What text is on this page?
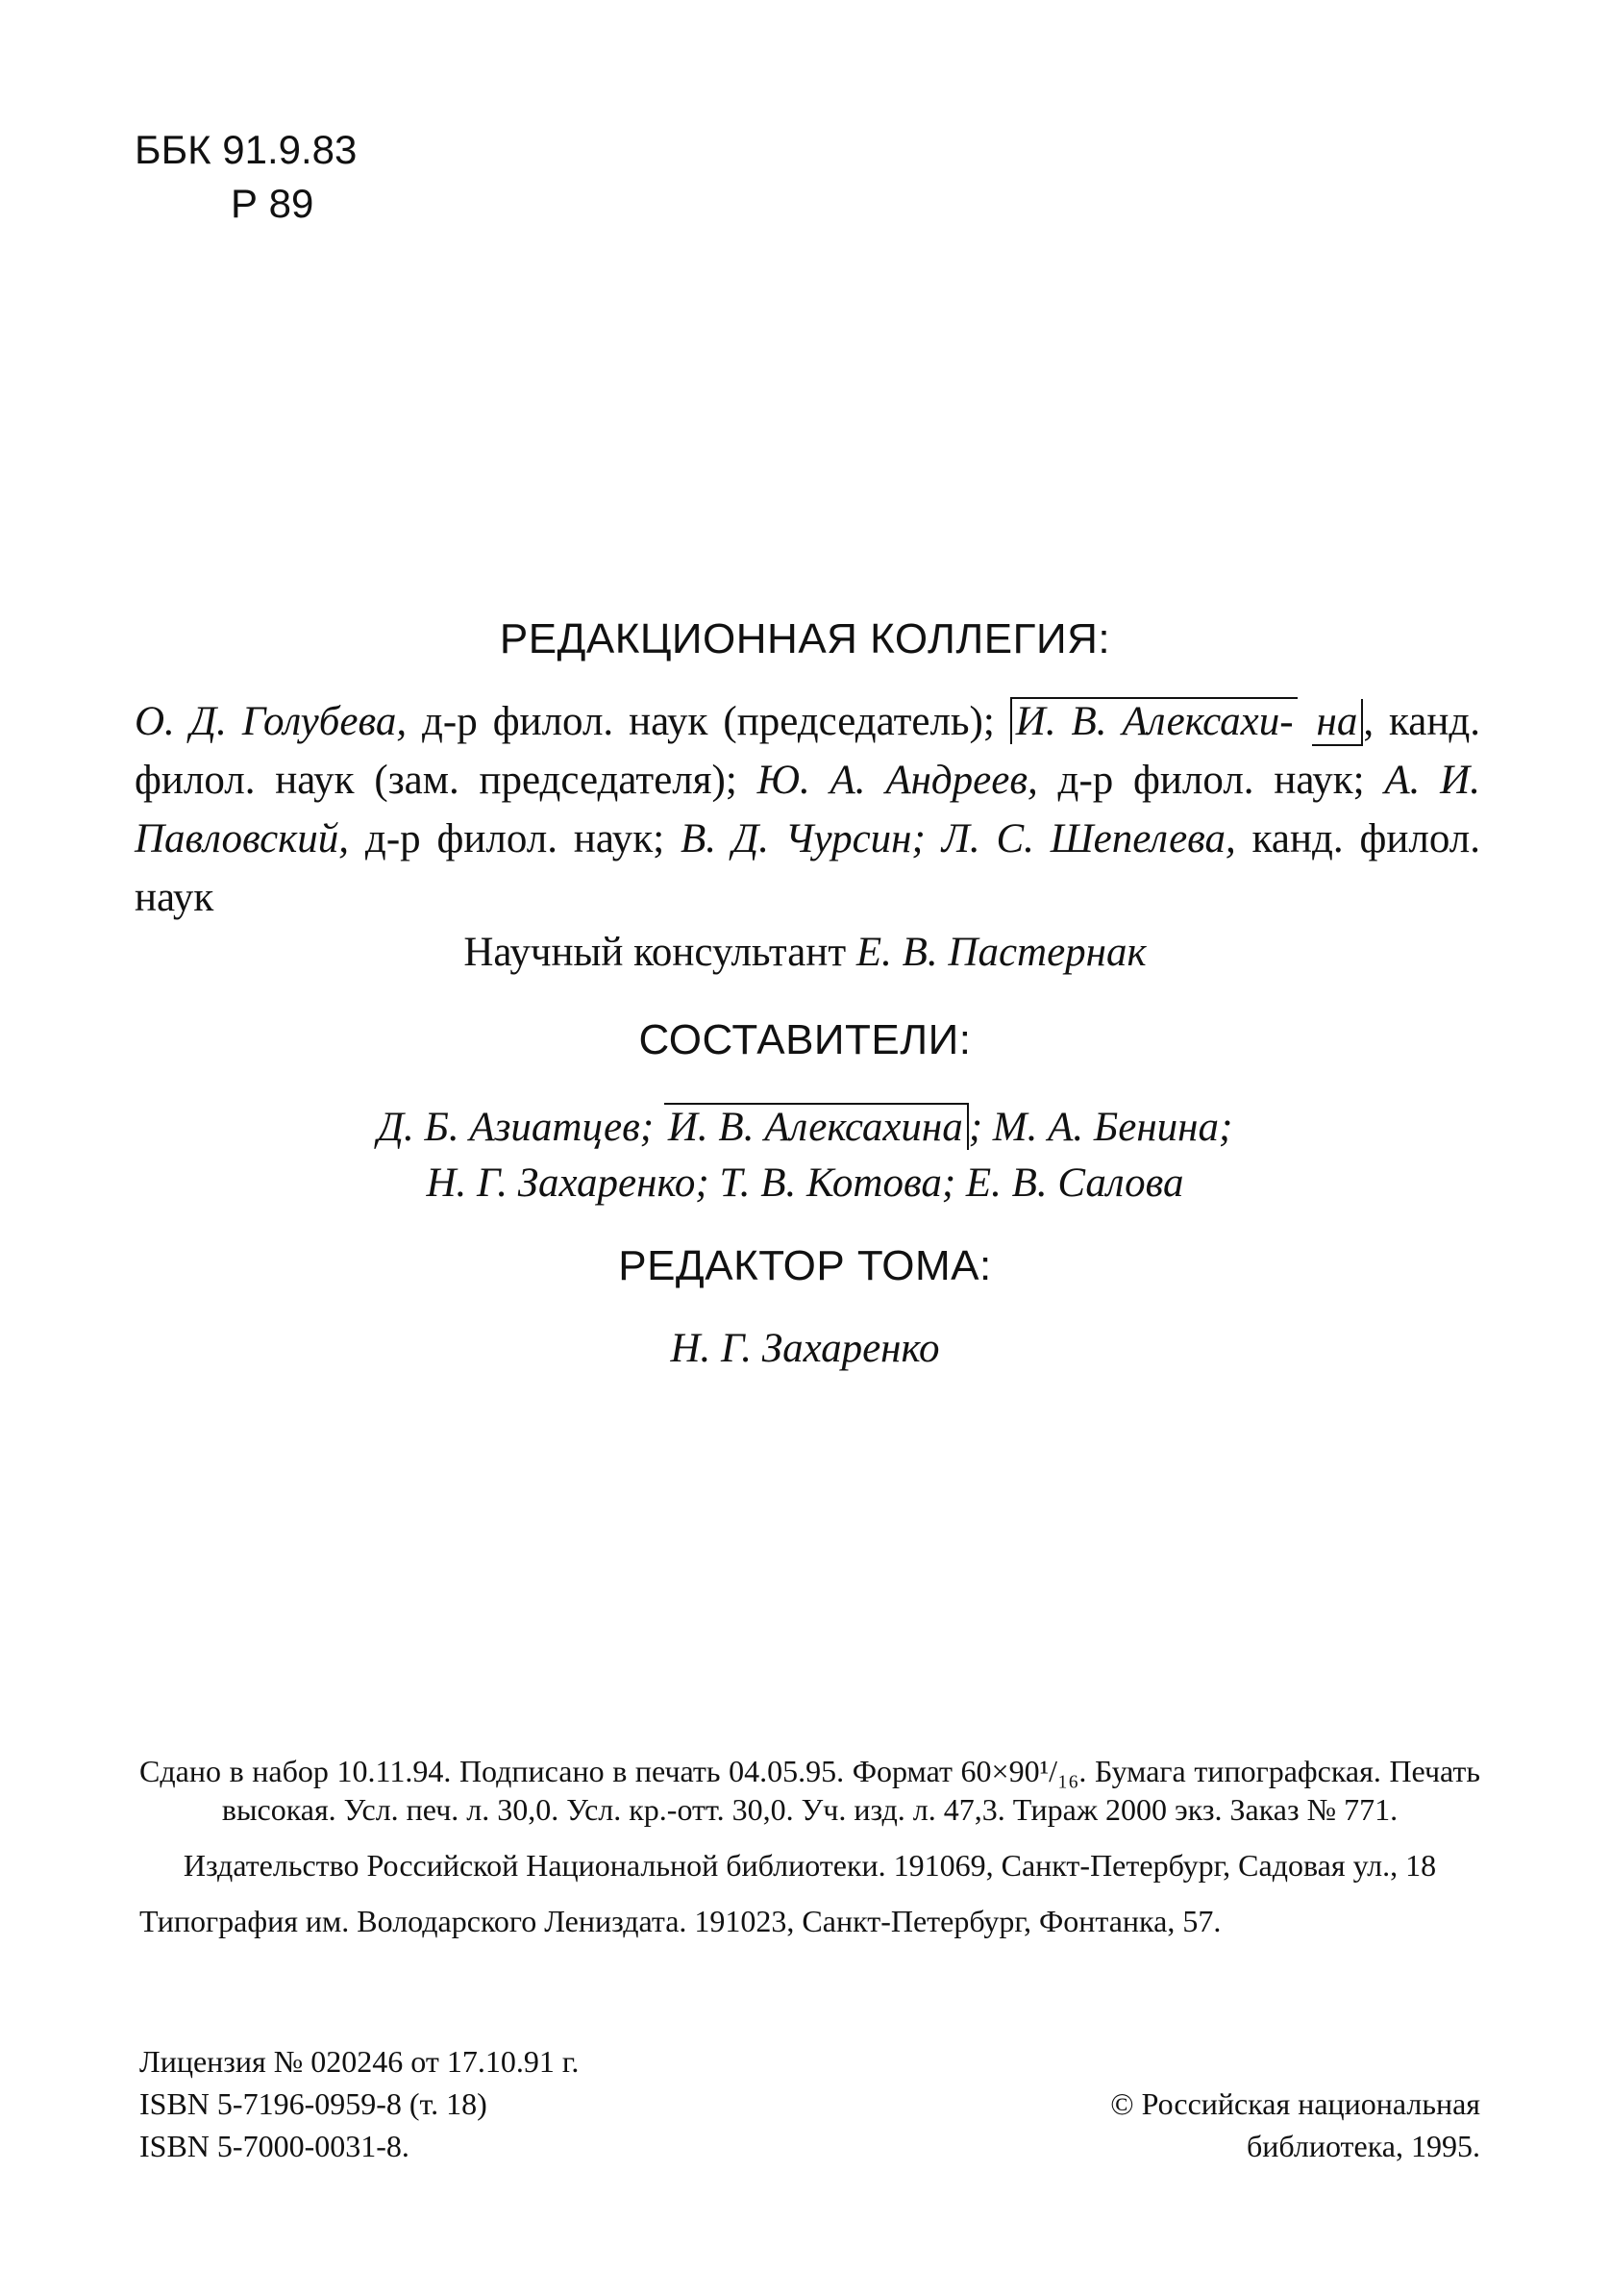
ББК 91.9.83
Р 89
РЕДАКЦИОННАЯ КОЛЛЕГИЯ:
О. Д. Голубева, д-р филол. наук (председатель); И. В. Алексахи- на , канд. филол. наук (зам. председателя); Ю. А. Андреев, д-р филол. наук; А. И. Павловский, д-р филол. наук; В. Д. Чурсин; Л. С. Шепелева, канд. филол. наук
Научный консультант Е. В. Пастернак
СОСТАВИТЕЛИ:
Д. Б. Азиатцев; И. В. Алексахина ; М. А. Бенина;
Н. Г. Захаренко; Т. В. Котова; Е. В. Салова
РЕДАКТОР ТОМА:
Н. Г. Захаренко

Сдано в набор 10.11.94. Подписано в печать 04.05.95. Формат 60×90¹/₁₆. Бумага типографская. Печать высокая. Усл. печ. л. 30,0. Усл. кр.-отт. 30,0. Уч. изд. л. 47,3. Тираж 2000 экз. Заказ № 771.

Издательство Российской Национальной библиотеки. 191069, Санкт-Петербург, Садовая ул., 18

Типография им. Володарского Лениздата. 191023, Санкт-Петербург, Фонтанка, 57.

Лицензия № 020246 от 17.10.91 г.
ISBN 5-7196-0959-8 (т. 18)
ISBN 5-7000-0031-8.
© Российская национальная
библиотека, 1995.
